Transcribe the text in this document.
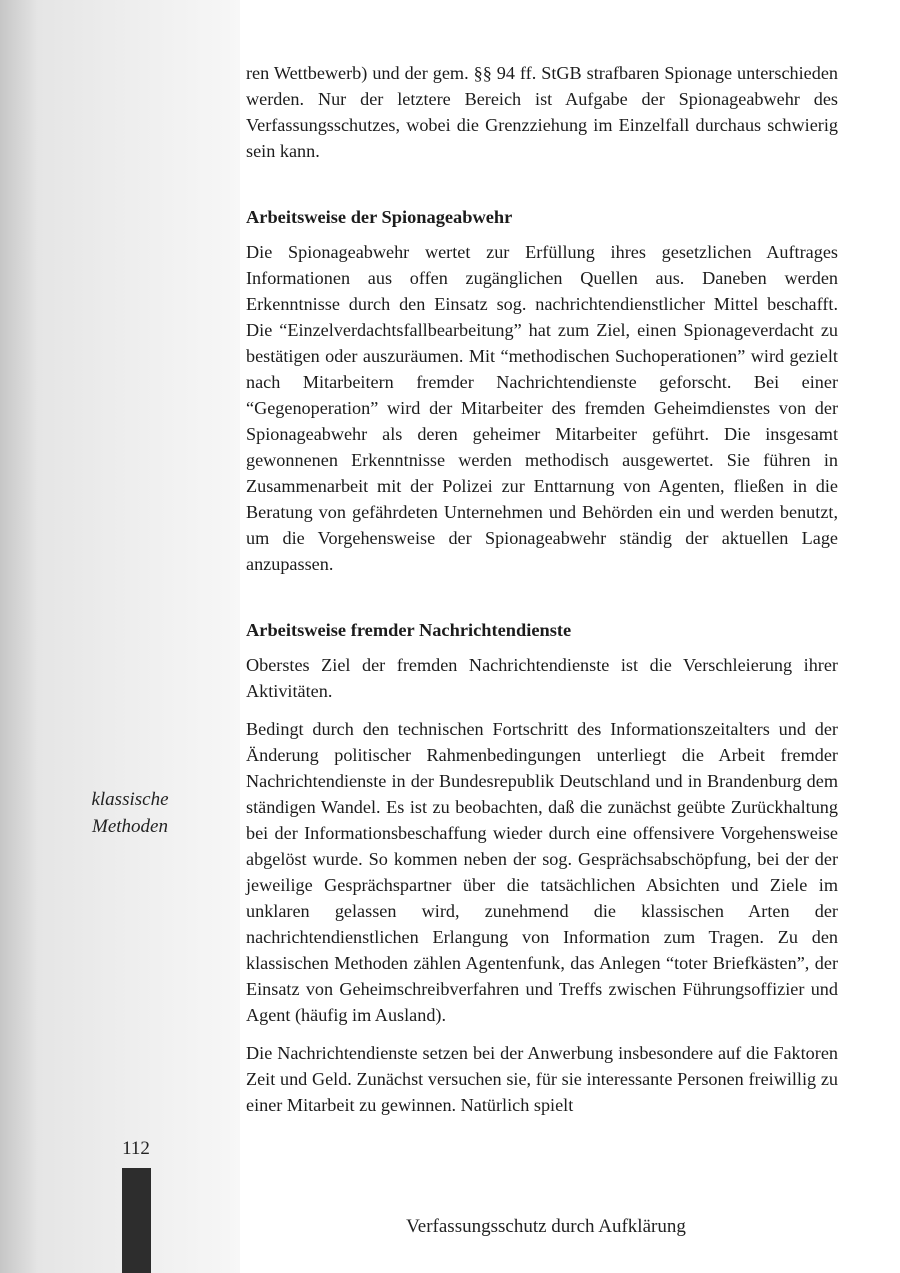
klassische
Methoden
112

ren Wettbewerb) und der gem. §§ 94 ff. StGB strafbaren Spionage unterschieden werden. Nur der letztere Bereich ist Aufgabe der Spionageabwehr des Verfassungsschutzes, wobei die Grenzziehung im Einzelfall durchaus schwierig sein kann.

Arbeitsweise der Spionageabwehr

Die Spionageabwehr wertet zur Erfüllung ihres gesetzlichen Auftrages Informationen aus offen zugänglichen Quellen aus. Daneben werden Erkenntnisse durch den Einsatz sog. nachrichtendienstlicher Mittel beschafft. Die “Einzelverdachtsfallbearbeitung” hat zum Ziel, einen Spionageverdacht zu bestätigen oder auszuräumen. Mit “methodischen Suchoperationen” wird gezielt nach Mitarbeitern fremder Nachrichtendienste geforscht. Bei einer “Gegenoperation” wird der Mitarbeiter des fremden Geheimdienstes von der Spionageabwehr als deren geheimer Mitarbeiter geführt. Die insgesamt gewonnenen Erkenntnisse werden methodisch ausgewertet. Sie führen in Zusammenarbeit mit der Polizei zur Enttarnung von Agenten, fließen in die Beratung von gefährdeten Unternehmen und Behörden ein und werden benutzt, um die Vorgehensweise der Spionageabwehr ständig der aktuellen Lage anzupassen.

Arbeitsweise fremder Nachrichtendienste

Oberstes Ziel der fremden Nachrichtendienste ist die Verschleierung ihrer Aktivitäten.

Bedingt durch den technischen Fortschritt des Informationszeitalters und der Änderung politischer Rahmenbedingungen unterliegt die Arbeit fremder Nachrichtendienste in der Bundesrepublik Deutschland und in Brandenburg dem ständigen Wandel. Es ist zu beobachten, daß die zunächst geübte Zurückhaltung bei der Informationsbeschaffung wieder durch eine offensivere Vorgehensweise abgelöst wurde. So kommen neben der sog. Gesprächsabschöpfung, bei der der jeweilige Gesprächspartner über die tatsächlichen Absichten und Ziele im unklaren gelassen wird, zunehmend die klassischen Arten der nachrichtendienstlichen Erlangung von Information zum Tragen. Zu den klassischen Methoden zählen Agentenfunk, das Anlegen “toter Briefkästen”, der Einsatz von Geheimschreibverfahren und Treffs zwischen Führungsoffizier und Agent (häufig im Ausland).

Die Nachrichtendienste setzen bei der Anwerbung insbesondere auf die Faktoren Zeit und Geld. Zunächst versuchen sie, für sie interessante Personen freiwillig zu einer Mitarbeit zu gewinnen. Natürlich spielt

Verfassungsschutz durch Aufklärung
